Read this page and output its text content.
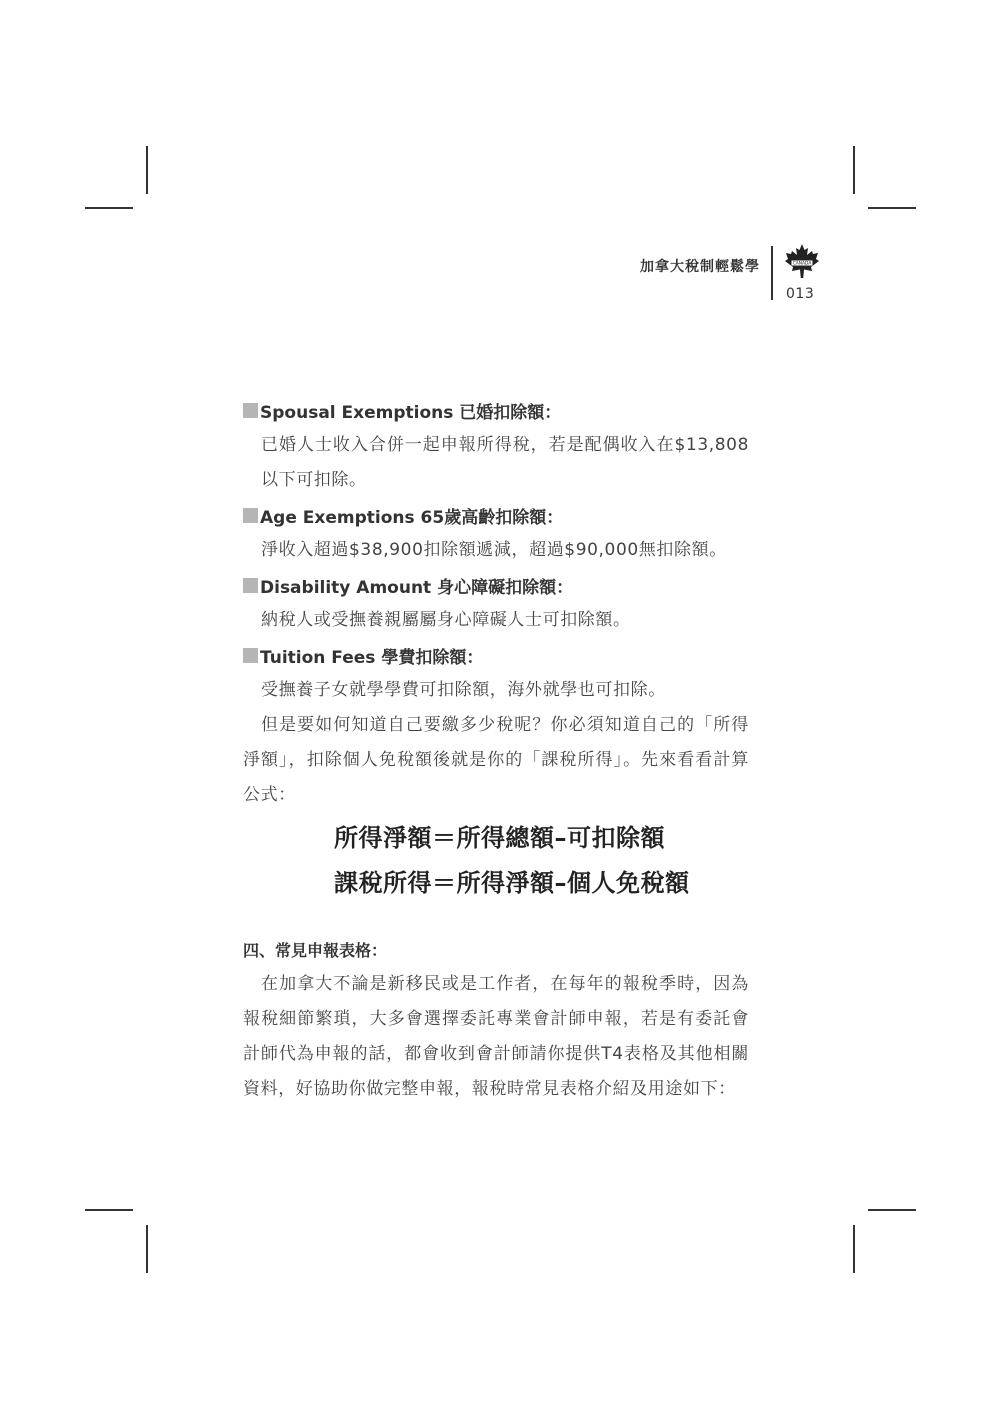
加拿大稅制輕鬆學	CANADA
013
Spousal Exemptions 已婚扣除額：

已婚人士收入合併一起申報所得稅，若是配偶收入在$13,808以下可扣除。

Age Exemptions 65歲高齡扣除額：

淨收入超過$38,900扣除額遞減，超過$90,000無扣除額。

Disability Amount 身心障礙扣除額：

納稅人或受撫養親屬屬身心障礙人士可扣除額。

Tuition Fees 學費扣除額：

受撫養子女就學學費可扣除額，海外就學也可扣除。

但是要如何知道自己要繳多少稅呢？你必須知道自己的「所得淨額」，扣除個人免稅額後就是你的「課稅所得」。先來看看計算公式：

所得淨額＝所得總額–可扣除額
課稅所得＝所得淨額–個人免稅額
四、常見申報表格：

在加拿大不論是新移民或是工作者，在每年的報稅季時，因為報稅細節繁瑣，大多會選擇委託專業會計師申報，若是有委託會計師代為申報的話，都會收到會計師請你提供T4表格及其他相關資料，好協助你做完整申報，報稅時常見表格介紹及用途如下：
